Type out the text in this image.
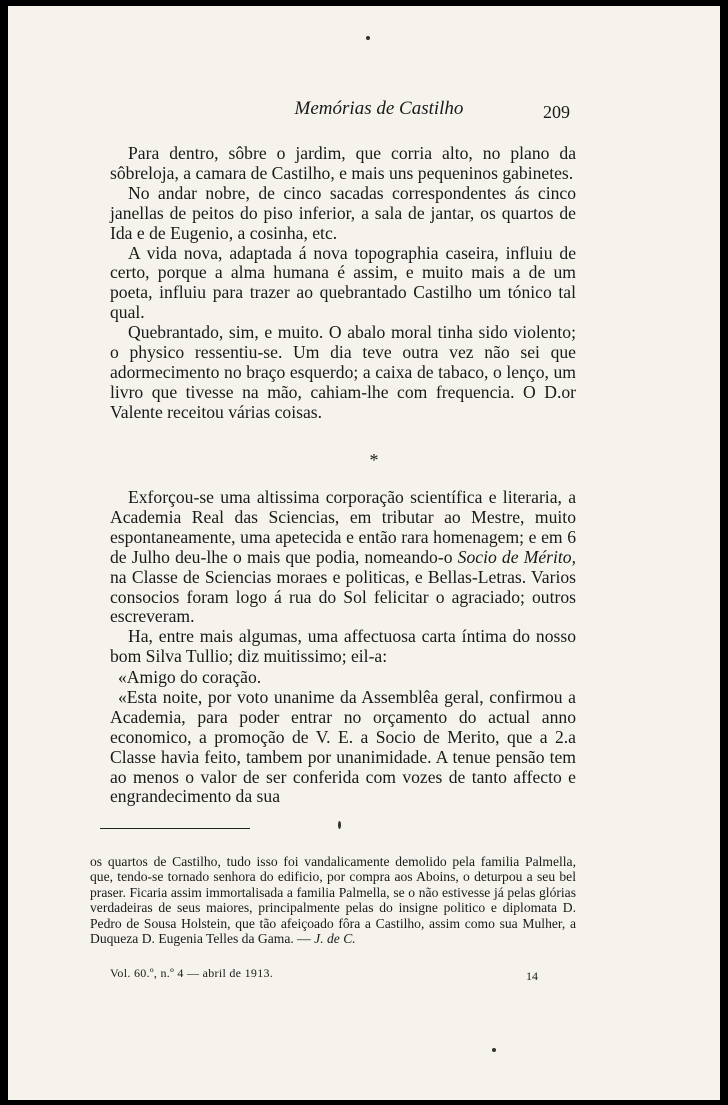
Memórias de Castilho	209

Para dentro, sôbre o jardim, que corria alto, no plano da sôbreloja, a camara de Castilho, e mais uns pequeninos gabinetes.

No andar nobre, de cinco sacadas correspondentes ás cinco janellas de peitos do piso inferior, a sala de jantar, os quartos de Ida e de Eugenio, a cosinha, etc.

A vida nova, adaptada á nova topographia caseira, influiu de certo, porque a alma humana é assim, e muito mais a de um poeta, influiu para trazer ao quebrantado Castilho um tónico tal qual.

Quebrantado, sim, e muito. O abalo moral tinha sido violento; o physico ressentiu-se. Um dia teve outra vez não sei que adormecimento no braço esquerdo; a caixa de tabaco, o lenço, um livro que tivesse na mão, cahiam-lhe com frequencia. O D.or Valente receitou várias coisas.

*

Exforçou-se uma altissima corporação scientífica e literaria, a Academia Real das Sciencias, em tributar ao Mestre, muito espontaneamente, uma apetecida e então rara homenagem; e em 6 de Julho deu-lhe o mais que podia, nomeando-o Socio de Mérito, na Classe de Sciencias moraes e politicas, e Bellas-Letras. Varios consocios foram logo á rua do Sol felicitar o agraciado; outros escreveram.

Ha, entre mais algumas, uma affectuosa carta íntima do nosso bom Silva Tullio; diz muitissimo; eil-a:

«Amigo do coração.

«Esta noite, por voto unanime da Assemblêa geral, confirmou a Academia, para poder entrar no orçamento do actual anno economico, a promoção de V. E. a Socio de Merito, que a 2.a Classe havia feito, tambem por unanimidade. A tenue pensão tem ao menos o valor de ser conferida com vozes de tanto affecto e engrandecimento da sua

os quartos de Castilho, tudo isso foi vandalicamente demolido pela familia Palmella, que, tendo-se tornado senhora do edificio, por compra aos Aboins, o deturpou a seu bel praser. Ficaria assim immortalisada a familia Palmella, se o não estivesse já pelas glórias verdadeiras de seus maiores, principalmente pelas do insigne politico e diplomata D. Pedro de Sousa Holstein, que tão afeiçoado fôra a Castilho, assim como sua Mulher, a Duqueza D. Eugenia Telles da Gama. — J. de C.

Vol. 60.º, n.º 4 — abril de 1913.	14
